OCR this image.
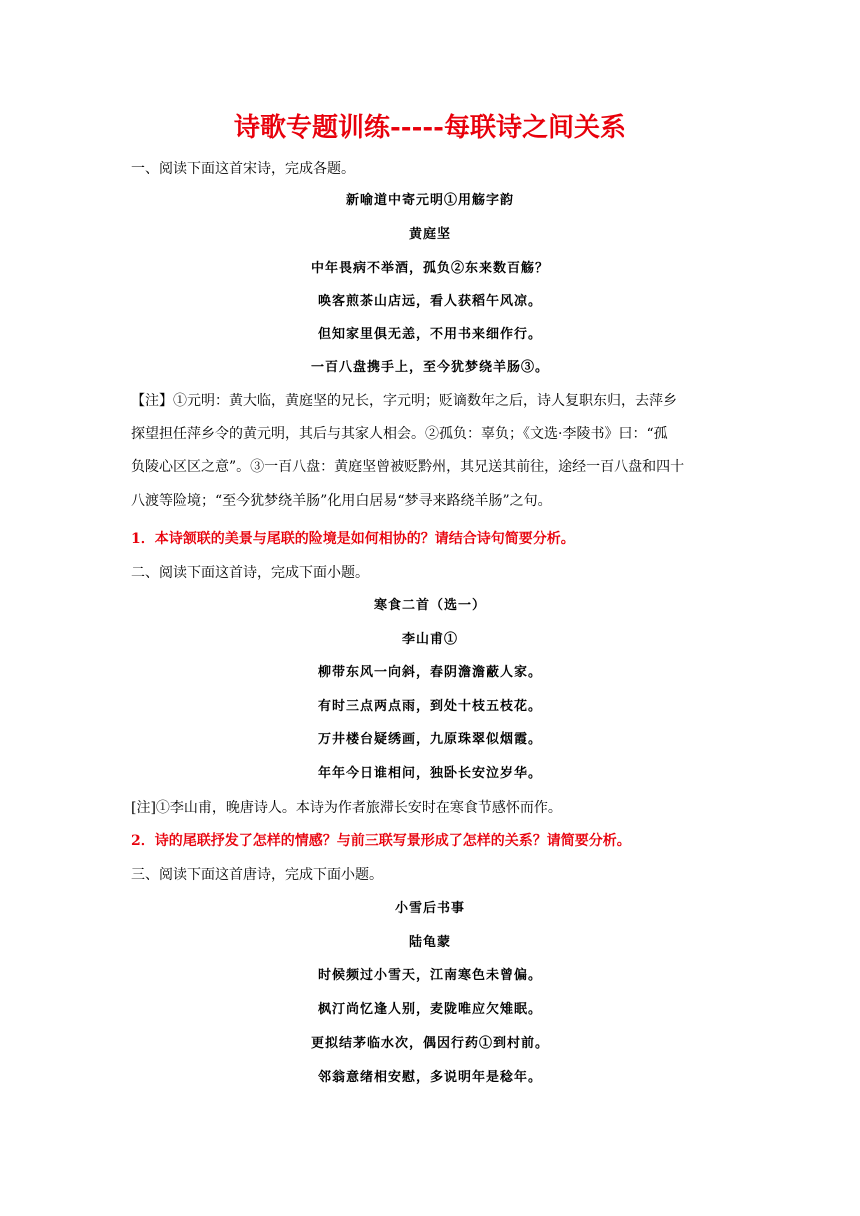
诗歌专题训练-----每联诗之间关系
一、阅读下面这首宋诗，完成各题。
新喻道中寄元明①用觞字韵
黄庭坚
中年畏病不举酒，孤负②东来数百觞？
唤客煎茶山店远，看人获稻午风凉。
但知家里俱无恙，不用书来细作行。
一百八盘携手上，至今犹梦绕羊肠③。
【注】①元明：黄大临，黄庭坚的兄长，字元明；贬谪数年之后，诗人复职东归，去萍乡
探望担任萍乡令的黄元明，其后与其家人相会。②孤负：辜负；《文选·李陵书》曰：“孤
负陵心区区之意”。③一百八盘：黄庭坚曾被贬黔州，其兄送其前往，途经一百八盘和四十
八渡等险境；“至今犹梦绕羊肠”化用白居易“梦寻来路绕羊肠”之句。
1．本诗颔联的美景与尾联的险境是如何相协的？请结合诗句简要分析。
二、阅读下面这首诗，完成下面小题。
寒食二首（选一）
李山甫①
柳带东风一向斜，春阴澹澹蔽人家。
有时三点两点雨，到处十枝五枝花。
万井楼台疑绣画，九原珠翠似烟霞。
年年今日谁相问，独卧长安泣岁华。
[注]①李山甫，晚唐诗人。本诗为作者旅滞长安时在寒食节感怀而作。
2．诗的尾联抒发了怎样的情感？与前三联写景形成了怎样的关系？请简要分析。
三、阅读下面这首唐诗，完成下面小题。
小雪后书事
陆龟蒙
时候频过小雪天，江南寒色未曾偏。
枫汀尚忆逢人别，麦陇唯应欠雉眠。
更拟结茅临水次，偶因行药①到村前。
邻翁意绪相安慰，多说明年是稔年。
